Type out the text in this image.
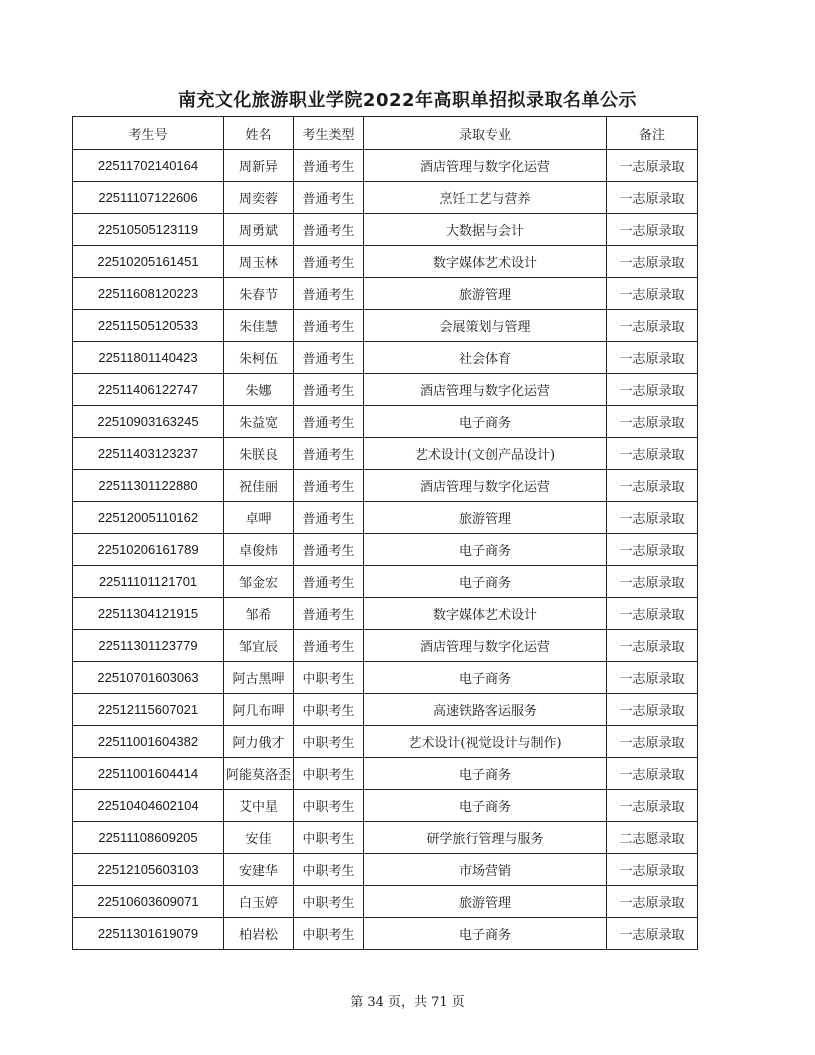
南充文化旅游职业学院2022年高职单招拟录取名单公示
考生号	姓名	考生类型	录取专业	备注
22511702140164	周新异	普通考生	酒店管理与数字化运营	一志原录取
22511107122606	周奕蓉	普通考生	烹饪工艺与营养	一志原录取
22510505123119	周勇斌	普通考生	大数据与会计	一志原录取
22510205161451	周玉林	普通考生	数字媒体艺术设计	一志原录取
22511608120223	朱春节	普通考生	旅游管理	一志原录取
22511505120533	朱佳慧	普通考生	会展策划与管理	一志原录取
22511801140423	朱柯伍	普通考生	社会体育	一志原录取
22511406122747	朱娜	普通考生	酒店管理与数字化运营	一志原录取
22510903163245	朱益宽	普通考生	电子商务	一志原录取
22511403123237	朱朕良	普通考生	艺术设计(文创产品设计)	一志原录取
22511301122880	祝佳丽	普通考生	酒店管理与数字化运营	一志原录取
22512005110162	卓呷	普通考生	旅游管理	一志原录取
22510206161789	卓俊炜	普通考生	电子商务	一志原录取
22511101121701	邹金宏	普通考生	电子商务	一志原录取
22511304121915	邹希	普通考生	数字媒体艺术设计	一志原录取
22511301123779	邹宜辰	普通考生	酒店管理与数字化运营	一志原录取
22510701603063	阿古黑呷	中职考生	电子商务	一志原录取
22512115607021	阿几布呷	中职考生	高速铁路客运服务	一志原录取
22511001604382	阿力俄才	中职考生	艺术设计(视觉设计与制作)	一志原录取
22511001604414	阿能莫洛歪	中职考生	电子商务	一志原录取
22510404602104	艾中星	中职考生	电子商务	一志原录取
22511108609205	安佳	中职考生	研学旅行管理与服务	二志愿录取
22512105603103	安建华	中职考生	市场营销	一志原录取
22510603609071	白玉婷	中职考生	旅游管理	一志原录取
22511301619079	柏岩松	中职考生	电子商务	一志原录取
第 34 页，共 71 页
